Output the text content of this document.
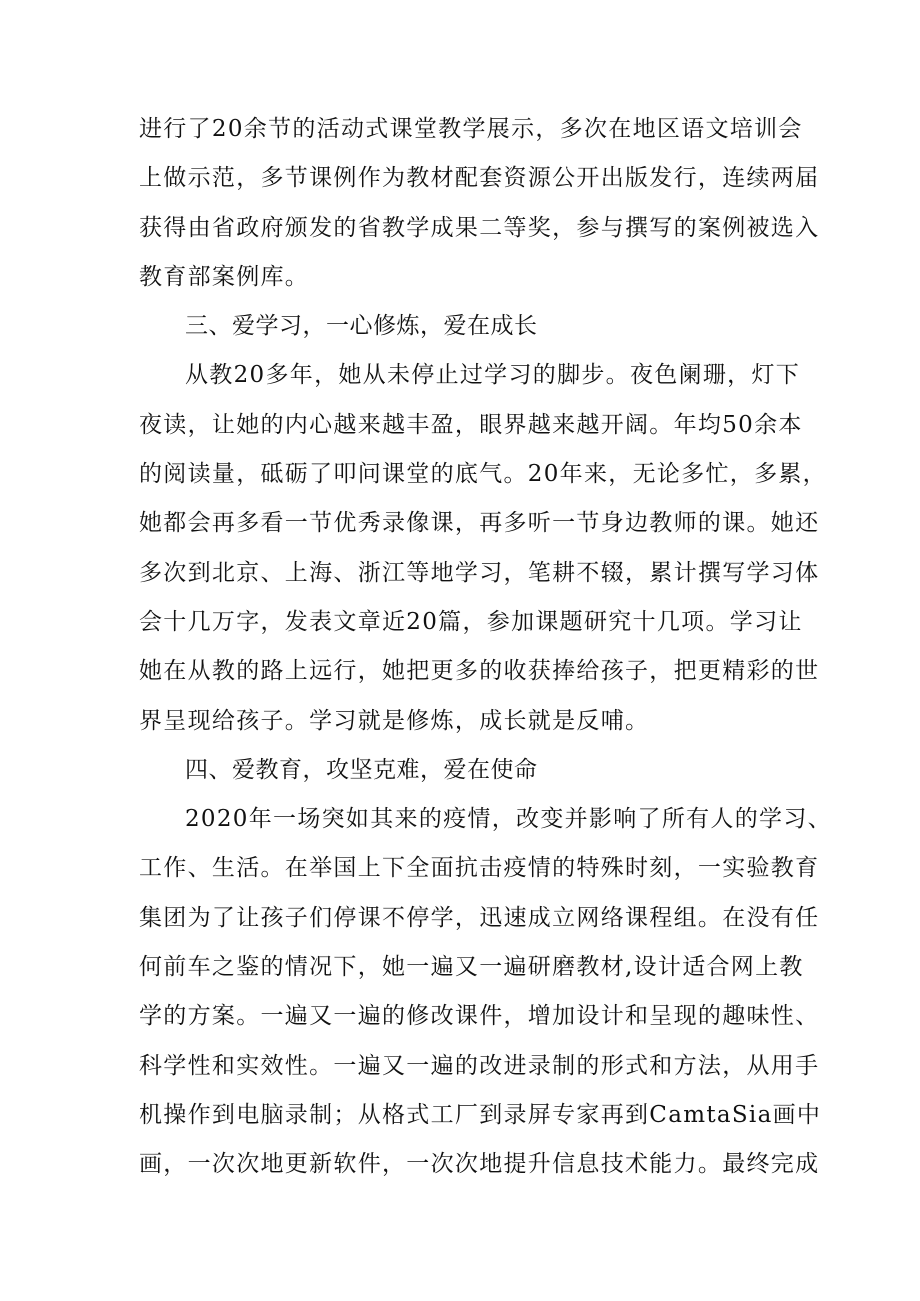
进行了20余节的活动式课堂教学展示，多次在地区语文培训会
上做示范，多节课例作为教材配套资源公开出版发行，连续两届
获得由省政府颁发的省教学成果二等奖，参与撰写的案例被选入
教育部案例库。
三、爱学习，一心修炼，爱在成长
从教20多年，她从未停止过学习的脚步。夜色阑珊，灯下
夜读，让她的内心越来越丰盈，眼界越来越开阔。年均50余本
的阅读量，砥砺了叩问课堂的底气。20年来，无论多忙，多累，
她都会再多看一节优秀录像课，再多听一节身边教师的课。她还
多次到北京、上海、浙江等地学习，笔耕不辍，累计撰写学习体
会十几万字，发表文章近20篇，参加课题研究十几项。学习让
她在从教的路上远行，她把更多的收获捧给孩子，把更精彩的世
界呈现给孩子。学习就是修炼，成长就是反哺。
四、爱教育，攻坚克难，爱在使命
2020年一场突如其来的疫情，改变并影响了所有人的学习、
工作、生活。在举国上下全面抗击疫情的特殊时刻，一实验教育
集团为了让孩子们停课不停学，迅速成立网络课程组。在没有任
何前车之鉴的情况下，她一遍又一遍研磨教材,设计适合网上教
学的方案。一遍又一遍的修改课件，增加设计和呈现的趣味性、
科学性和实效性。一遍又一遍的改进录制的形式和方法，从用手
机操作到电脑录制；从格式工厂到录屏专家再到CamtaSia画中
画，一次次地更新软件，一次次地提升信息技术能力。最终完成
